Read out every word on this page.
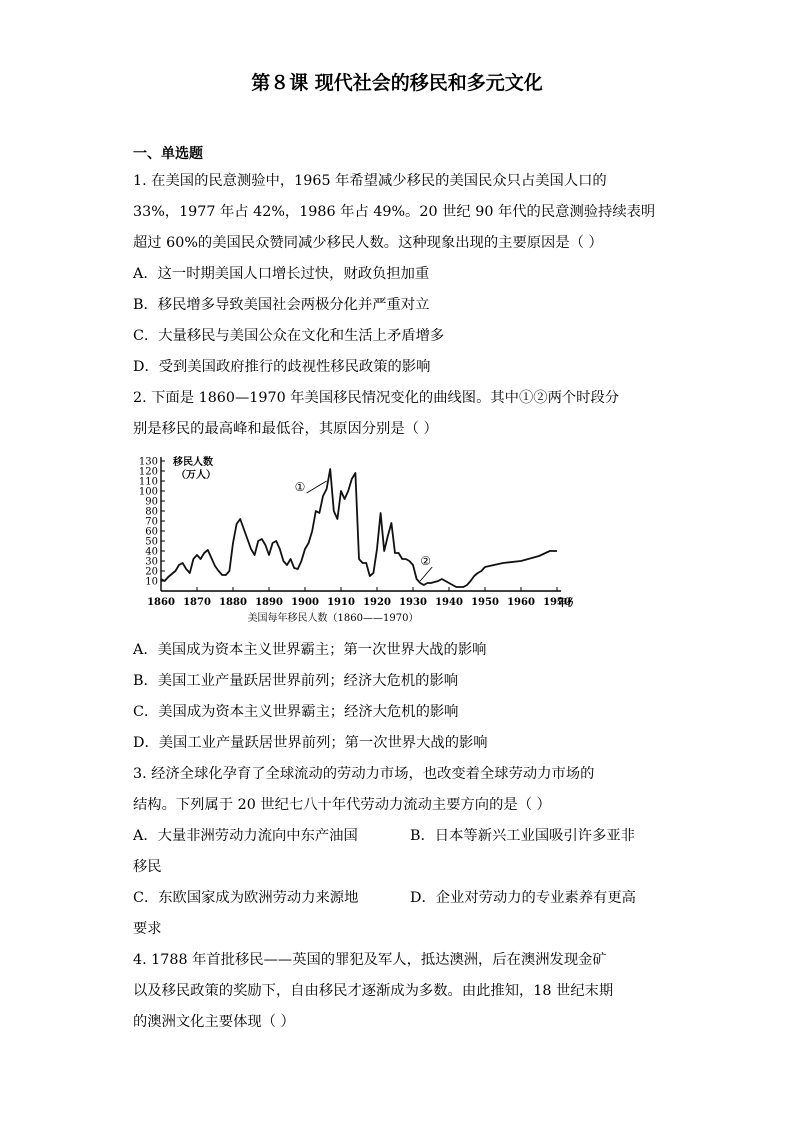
第８课 现代社会的移民和多元文化
一、单选题
1. 在美国的民意测验中，1965 年希望减少移民的美国民众只占美国人口的
33%，1977 年占 42%，1986 年占 49%。20 世纪 90 年代的民意测验持续表明
超过 60%的美国民众赞同减少移民人数。这种现象出现的主要原因是（ ）
A．这一时期美国人口增长过快，财政负担加重
B．移民增多导致美国社会两极分化并严重对立
C．大量移民与美国公众在文化和生活上矛盾增多
D．受到美国政府推行的歧视性移民政策的影响
2. 下面是 1860—1970 年美国移民情况变化的曲线图。其中①②两个时段分
别是移民的最高峰和最低谷，其原因分别是（ ）
10
20
30
40
50
60
70
80
90
100
110
120
130
1860 1870 1880 1890 1900 1910 1920 1930 1940 1950 1960 1970
①
②
移民人数
（万人）
年份
美国每年移民人数（1860——1970）
A．美国成为资本主义世界霸主；第一次世界大战的影响
B．美国工业产量跃居世界前列；经济大危机的影响
C．美国成为资本主义世界霸主；经济大危机的影响
D．美国工业产量跃居世界前列；第一次世界大战的影响
3. 经济全球化孕育了全球流动的劳动力市场，也改变着全球劳动力市场的
结构。下列属于 20 世纪七八十年代劳动力流动主要方向的是（ ）
A．大量非洲劳动力流向中东产油国	B．日本等新兴工业国吸引许多亚非
移民
C．东欧国家成为欧洲劳动力来源地	D．企业对劳动力的专业素养有更高
要求
4. 1788 年首批移民——英国的罪犯及军人，抵达澳洲，后在澳洲发现金矿
以及移民政策的奖励下，自由移民才逐渐成为多数。由此推知，18 世纪末期
的澳洲文化主要体现（ ）
